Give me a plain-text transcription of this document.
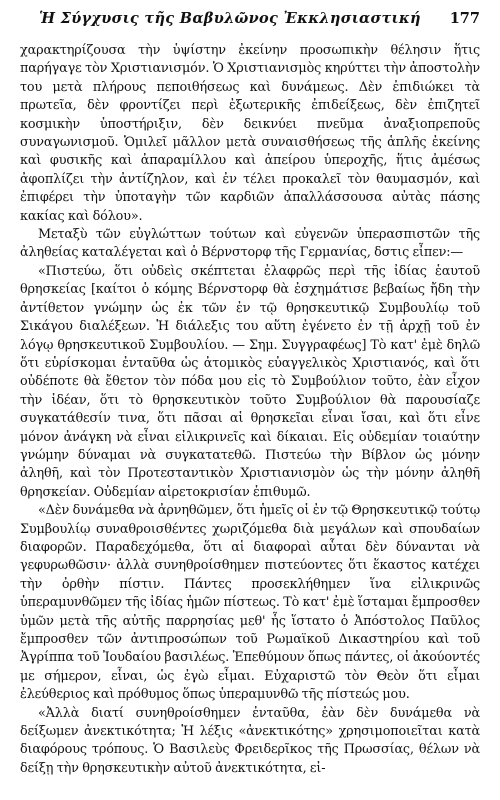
Ἡ Σύγχυσις τῆς Βαβυλῶνος Ἐκκλησιαστική	177

χαρακτηρίζουσα τὴν ὑψίστην ἐκείνην προσωπικὴν θέλησιν ἥτις παρήγαγε τὸν Χριστιανισμόν. Ὁ Χριστιανισμὸς κηρύττει τὴν ἀποστολὴν του μετὰ πλήρους πεποιθήσεως καὶ δυνάμεως. Δὲν ἐπιδιώκει τὰ πρωτεῖα, δὲν φροντίζει περὶ ἐξωτερικῆς ἐπιδείξεως, δὲν ἐπιζητεῖ κοσμικὴν ὑποστήριξιν, δὲν δεικνύει πνεῦμα ἀναξιοπρεποῦς συναγωνισμοῦ. Ὁμιλεῖ μᾶλλον μετὰ συναισθήσεως τῆς ἁπλῆς ἐκείνης καὶ φυσικῆς καὶ ἀπαραμίλλου καὶ ἀπείρου ὑπεροχῆς, ἥτις ἀμέσως ἀφοπλίζει τὴν ἀντίζηλον, καὶ ἐν τέλει προκαλεῖ τὸν θαυμασμόν, καὶ ἐπιφέρει τὴν ὑποταγὴν τῶν καρδιῶν ἀπαλλάσσουσα αὐτὰς πάσης κακίας καὶ δόλου».

Μεταξὺ τῶν εὐγλώττων τούτων καὶ εὐγενῶν ὑπερασπιστῶν τῆς ἀληθείας καταλέγεται καὶ ὁ Βέρνστορφ τῆς Γερμανίας, δστις εἶπεν:—

«Πιστεύω, ὅτι οὐδεὶς σκέπτεται ἐλαφρῶς περὶ τῆς ἰδίας ἑαυτοῦ θρησκείας [καίτοι ὁ κόμης Βέρνστορφ θὰ ἐσχημάτισε βεβαίως ἤδη τὴν ἀντίθετον γνώμην ὡς ἐκ τῶν ἐν τῷ θρησκευτικῷ Συμβουλίῳ τοῦ Σικάγου διαλέξεων. Ἡ διάλεξις του αὕτη ἐγένετο ἐν τῇ ἀρχῇ τοῦ ἐν λόγῳ θρησκευτικοῦ Συμβουλίου. — Σημ. Συγγραφέως] Τὸ κατ' ἐμὲ δηλῶ ὅτι εὑρίσκομαι ἐνταῦθα ὡς ἀτομικὸς εὐαγγελικὸς Χριστιανός, καὶ ὅτι οὐδέποτε θὰ ἔθετον τὸν πόδα μου εἰς τὸ Συμβούλιον τοῦτο, ἐὰν εἶχον τὴν ἰδέαν, ὅτι τὸ θρησκευτικὸν τοῦτο Συμβούλιον θὰ παρουσίαζε συγκατάθεσίν τινα, ὅτι πᾶσαι αἱ θρησκεῖαι εἶναι ἴσαι, καὶ ὅτι εἶνε μόνον ἀνάγκη νὰ εἶναι εἰλικρινεῖς καὶ δίκαιαι. Εἰς οὐδεμίαν τοιαύτην γνώμην δύναμαι νὰ συγκατατεθῶ. Πιστεύω τὴν Βίβλον ὡς μόνην ἀληθῆ, καὶ τὸν Προτεσταντικὸν Χριστιανισμὸν ὡς τὴν μόνην ἀληθῆ θρησκείαν. Οὐδεμίαν αἱρετοκρισίαν ἐπιθυμῶ.

«Δὲν δυνάμεθα νὰ ἀρνηθῶμεν, ὅτι ἡμεῖς οἱ ἐν τῷ Θρησκευτικῷ τούτῳ Συμβουλίῳ συναθροισθέντες χωριζόμεθα διὰ μεγάλων καὶ σπουδαίων διαφορῶν. Παραδεχόμεθα, ὅτι αἱ διαφοραὶ αὗται δὲν δύνανται νὰ γεφυρωθῶσιν· ἀλλὰ συνηθροίσθημεν πιστεύοντες ὅτι ἕκαστος κατέχει τὴν ὀρθὴν πίστιν. Πάντες προσεκλήθημεν ἵνα εἰλικρινῶς ὑπεραμυνθῶμεν τῆς ἰδίας ἡμῶν πίστεως. Τὸ κατ' ἐμὲ ἵσταμαι ἔμπροσθεν ὑμῶν μετὰ τῆς αὐτῆς παρρησίας μεθ' ἧς ἵστατο ὁ Ἀπόστολος Παῦλος ἔμπροσθεν τῶν ἀντιπροσώπων τοῦ Ρωμαϊκοῦ Δικαστηρίου καὶ τοῦ Ἀγρίππα τοῦ Ἰουδαίου βασιλέως. Ἐπεθύμουν ὅπως πάντες, οἱ ἀκούοντές με σήμερον, εἶναι, ὡς ἐγὼ εἶμαι. Εὐχαριστῶ τὸν Θεὸν ὅτι εἶμαι ἐλεύθεριος καὶ πρόθυμος ὅπως ὑπεραμυνθῶ τῆς πίστεώς μου.

«Ἀλλὰ διατί συνηθροίσθημεν ἐνταῦθα, ἐὰν δὲν δυνάμεθα νὰ δείξωμεν ἀνεκτικότητα; Ἡ λέξις «ἀνεκτικότης» χρησιμοποιεῖται κατὰ διαφόρους τρόπους. Ὁ Βασιλεὺς Φρειδερῖκος τῆς Πρωσσίας, θέλων νὰ δείξῃ τὴν θρησκευτικὴν αὐτοῦ ἀνεκτικότητα, εἰ-
